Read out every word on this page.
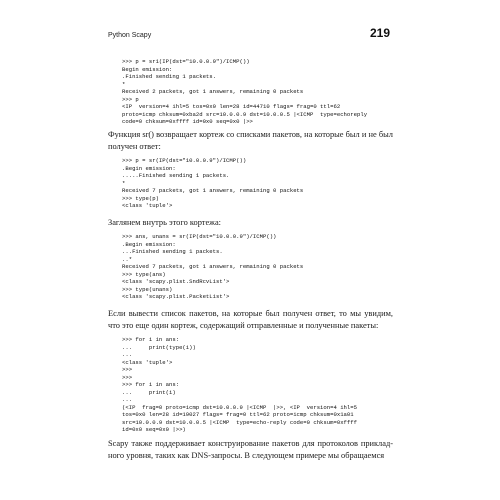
Python Scapy	219
>>> p = sr1(IP(dst="10.0.0.9")/ICMP())
Begin emission:
.Finished sending 1 packets.
*
Received 2 packets, got 1 answers, remaining 0 packets
>>> p
<IP  version=4 ihl=5 tos=0x0 len=28 id=44710 flags= frag=0 ttl=62
proto=icmp chksum=0xba2d src=10.0.0.9 dst=10.0.0.5 |<ICMP  type=echoreply
code=0 chksum=0xffff id=0x0 seq=0x0 |>>

Функция sr() возвращает кортеж со списками пакетов, на которые был и не был получен ответ:

>>> p = sr(IP(dst="10.0.0.9")/ICMP())
.Begin emission:
.....Finished sending 1 packets.
*
Received 7 packets, got 1 answers, remaining 0 packets
>>> type(p)
<class 'tuple'>

Заглянем внутрь этого кортежа:

>>> ans, unans = sr(IP(dst="10.0.0.9")/ICMP())
.Begin emission:
...Finished sending 1 packets.
..*
Received 7 packets, got 1 answers, remaining 0 packets
>>> type(ans)
<class 'scapy.plist.SndRcvList'>
>>> type(unans)
<class 'scapy.plist.PacketList'>

Если вывести список пакетов, на которые был получен ответ, то мы увидим, что это еще один кортеж, содержащий отправленные и полученные пакеты:

>>> for i in ans:
...     print(type(i))
...
<class 'tuple'>
>>>
>>>
>>> for i in ans:
...     print(i)
...
(<IP  frag=0 proto=icmp dst=10.0.0.9 |<ICMP  |>>, <IP  version=4 ihl=5
tos=0x0 len=28 id=19027 flags= frag=0 ttl=62 proto=icmp chksum=0x1a01
src=10.0.0.9 dst=10.0.0.5 |<ICMP  type=echo-reply code=0 chksum=0xffff
id=0x0 seq=0x0 |>>)

Scapy также поддерживает конструирование пакетов для протоколов приклад-ного уровня, таких как DNS-запросы. В следующем примере мы обращаемся
